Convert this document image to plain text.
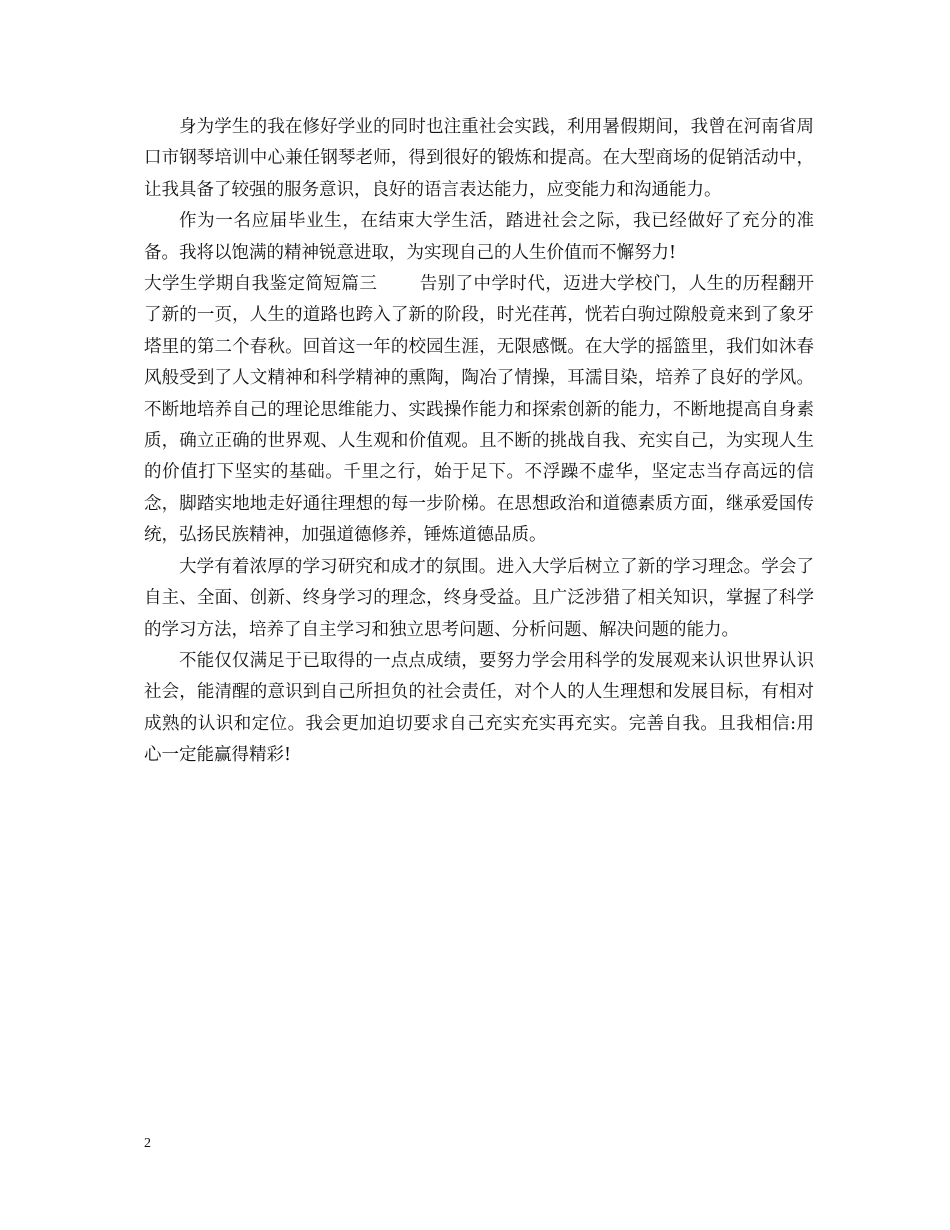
身为学生的我在修好学业的同时也注重社会实践，利用暑假期间，我曾在河南省周口市钢琴培训中心兼任钢琴老师，得到很好的锻炼和提高。在大型商场的促销活动中，让我具备了较强的服务意识，良好的语言表达能力，应变能力和沟通能力。

作为一名应届毕业生，在结束大学生活，踏进社会之际，我已经做好了充分的准备。我将以饱满的精神锐意进取，为实现自己的人生价值而不懈努力!

大学生学期自我鉴定简短篇三 告别了中学时代，迈进大学校门，人生的历程翻开了新的一页，人生的道路也跨入了新的阶段，时光荏苒，恍若白驹过隙般竟来到了象牙塔里的第二个春秋。回首这一年的校园生涯，无限感慨。在大学的摇篮里，我们如沐春风般受到了人文精神和科学精神的熏陶，陶冶了情操，耳濡目染，培养了良好的学风。不断地培养自己的理论思维能力、实践操作能力和探索创新的能力，不断地提高自身素质，确立正确的世界观、人生观和价值观。且不断的挑战自我、充实自己，为实现人生的价值打下坚实的基础。千里之行，始于足下。不浮躁不虚华，坚定志当存高远的信念，脚踏实地地走好通往理想的每一步阶梯。在思想政治和道德素质方面，继承爱国传统，弘扬民族精神，加强道德修养，锤炼道德品质。

大学有着浓厚的学习研究和成才的氛围。进入大学后树立了新的学习理念。学会了自主、全面、创新、终身学习的理念，终身受益。且广泛涉猎了相关知识，掌握了科学的学习方法，培养了自主学习和独立思考问题、分析问题、解决问题的能力。

不能仅仅满足于已取得的一点点成绩，要努力学会用科学的发展观来认识世界认识社会，能清醒的意识到自己所担负的社会责任，对个人的人生理想和发展目标，有相对成熟的认识和定位。我会更加迫切要求自己充实充实再充实。完善自我。且我相信:用心一定能赢得精彩!

2
